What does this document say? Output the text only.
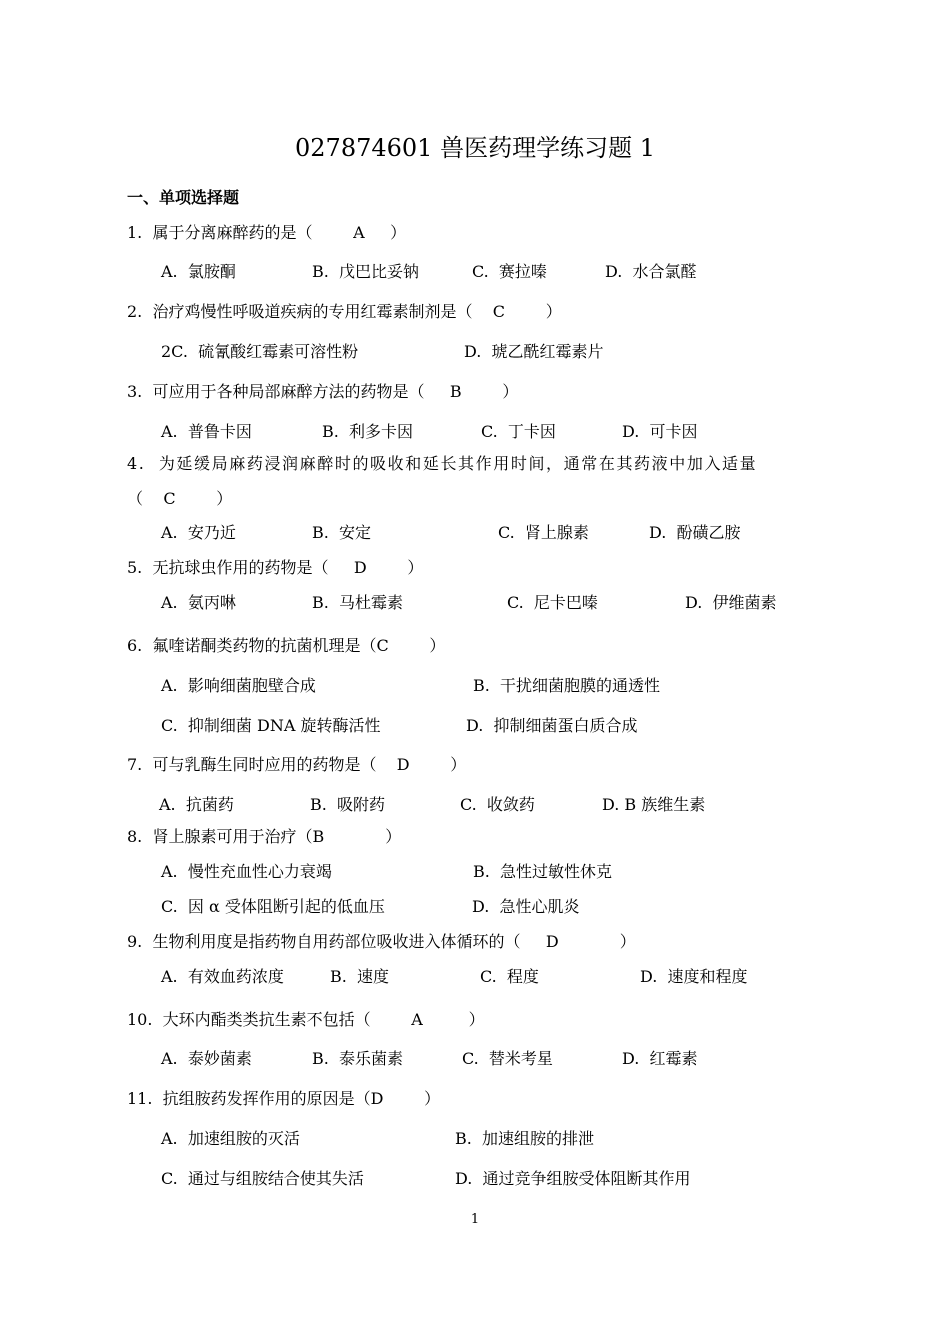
027874601 兽医药理学练习题 1
一、单项选择题
1.  属于分离麻醉药的是（        A     ）
A.  氯胺酮	B.  戊巴比妥钠	C.  赛拉嗪	D.  水合氯醛
2.  治疗鸡慢性呼吸道疾病的专用红霉素制剂是（    C        ）
2C.  硫氰酸红霉素可溶性粉	D.  琥乙酰红霉素片
3.  可应用于各种局部麻醉方法的药物是（     B        ）
A.  普鲁卡因	B.  利多卡因	C.  丁卡因	D.  可卡因
4.  为延缓局麻药浸润麻醉时的吸收和延长其作用时间，通常在其药液中加入适量
（    C        ）
A.  安乃近	B.  安定	C.  肾上腺素	D.  酚磺乙胺
5.  无抗球虫作用的药物是（     D        ）
A.  氨丙啉	B.  马杜霉素	C.  尼卡巴嗪	D.  伊维菌素
6.  氟喹诺酮类药物的抗菌机理是（C        ）
A.  影响细菌胞壁合成	B.  干扰细菌胞膜的通透性
C.  抑制细菌 DNA 旋转酶活性	D.  抑制细菌蛋白质合成
7.  可与乳酶生同时应用的药物是（    D        ）
A.  抗菌药	B.  吸附药	C.  收敛药	D. B 族维生素
8.  肾上腺素可用于治疗（B            ）
A.  慢性充血性心力衰竭	B.  急性过敏性休克
C.  因 α 受体阻断引起的低血压	D.  急性心肌炎
9.  生物利用度是指药物自用药部位吸收进入体循环的（     D            ）
A.  有效血药浓度	B.  速度	C.  程度	D.  速度和程度
10.  大环内酯类类抗生素不包括（        A         ）
A.  泰妙菌素	B.  泰乐菌素	C.  替米考星	D.  红霉素
11.  抗组胺药发挥作用的原因是（D        ）
A.  加速组胺的灭活	B.  加速组胺的排泄
C.  通过与组胺结合使其失活	D.  通过竞争组胺受体阻断其作用
1
